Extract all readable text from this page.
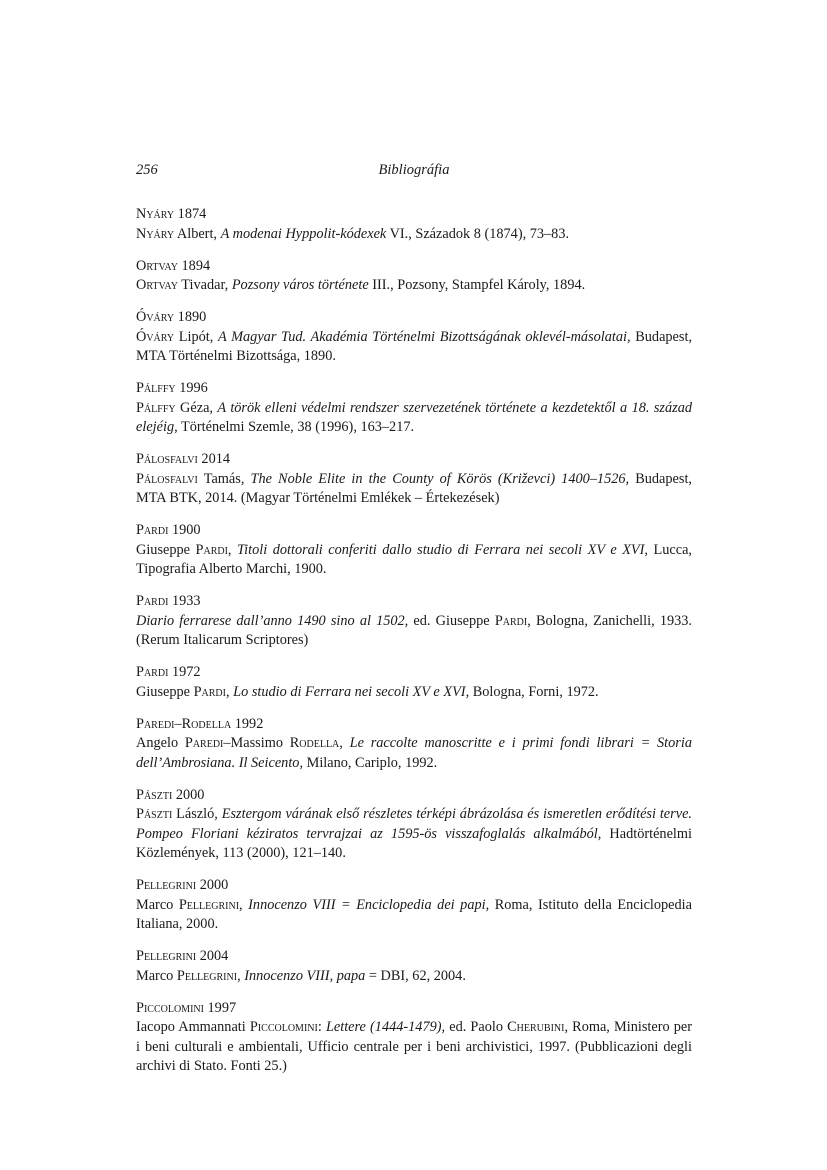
256	Bibliográfia
Nyáry 1874
Nyáry Albert, A modenai Hyppolit-kódexek VI., Századok 8 (1874), 73–83.
Ortvay 1894
Ortvay Tivadar, Pozsony város története III., Pozsony, Stampfel Károly, 1894.
Óváry 1890
Óváry Lipót, A Magyar Tud. Akadémia Történelmi Bizottságának oklevél-másolatai, Budapest, MTA Történelmi Bizottsága, 1890.
Pálffy 1996
Pálffy Géza, A török elleni védelmi rendszer szervezetének története a kezdetektől a 18. század elejéig, Történelmi Szemle, 38 (1996), 163–217.
Pálosfalvi 2014
Pálosfalvi Tamás, The Noble Elite in the County of Körös (Križevci) 1400–1526, Budapest, MTA BTK, 2014. (Magyar Történelmi Emlékek – Értekezések)
Pardi 1900
Giuseppe Pardi, Titoli dottorali conferiti dallo studio di Ferrara nei secoli XV e XVI, Lucca, Tipografia Alberto Marchi, 1900.
Pardi 1933
Diario ferrarese dall’anno 1490 sino al 1502, ed. Giuseppe Pardi, Bologna, Zanichelli, 1933. (Rerum Italicarum Scriptores)
Pardi 1972
Giuseppe Pardi, Lo studio di Ferrara nei secoli XV e XVI, Bologna, Forni, 1972.
Paredi–Rodella 1992
Angelo Paredi–Massimo Rodella, Le raccolte manoscritte e i primi fondi librari = Storia dell’Ambrosiana. Il Seicento, Milano, Cariplo, 1992.
Pászti 2000
Pászti László, Esztergom várának első részletes térképi ábrázolása és ismeretlen erődítési terve. Pompeo Floriani kéziratos tervrajzai az 1595-ös visszafoglalás alkalmából, Hadtörténelmi Közlemények, 113 (2000), 121–140.
Pellegrini 2000
Marco Pellegrini, Innocenzo VIII = Enciclopedia dei papi, Roma, Istituto della Enciclopedia Italiana, 2000.
Pellegrini 2004
Marco Pellegrini, Innocenzo VIII, papa = DBI, 62, 2004.
Piccolomini 1997
Iacopo Ammannati Piccolomini: Lettere (1444-1479), ed. Paolo Cherubini, Roma, Ministero per i beni culturali e ambientali, Ufficio centrale per i beni archivistici, 1997. (Pubblicazioni degli archivi di Stato. Fonti 25.)
